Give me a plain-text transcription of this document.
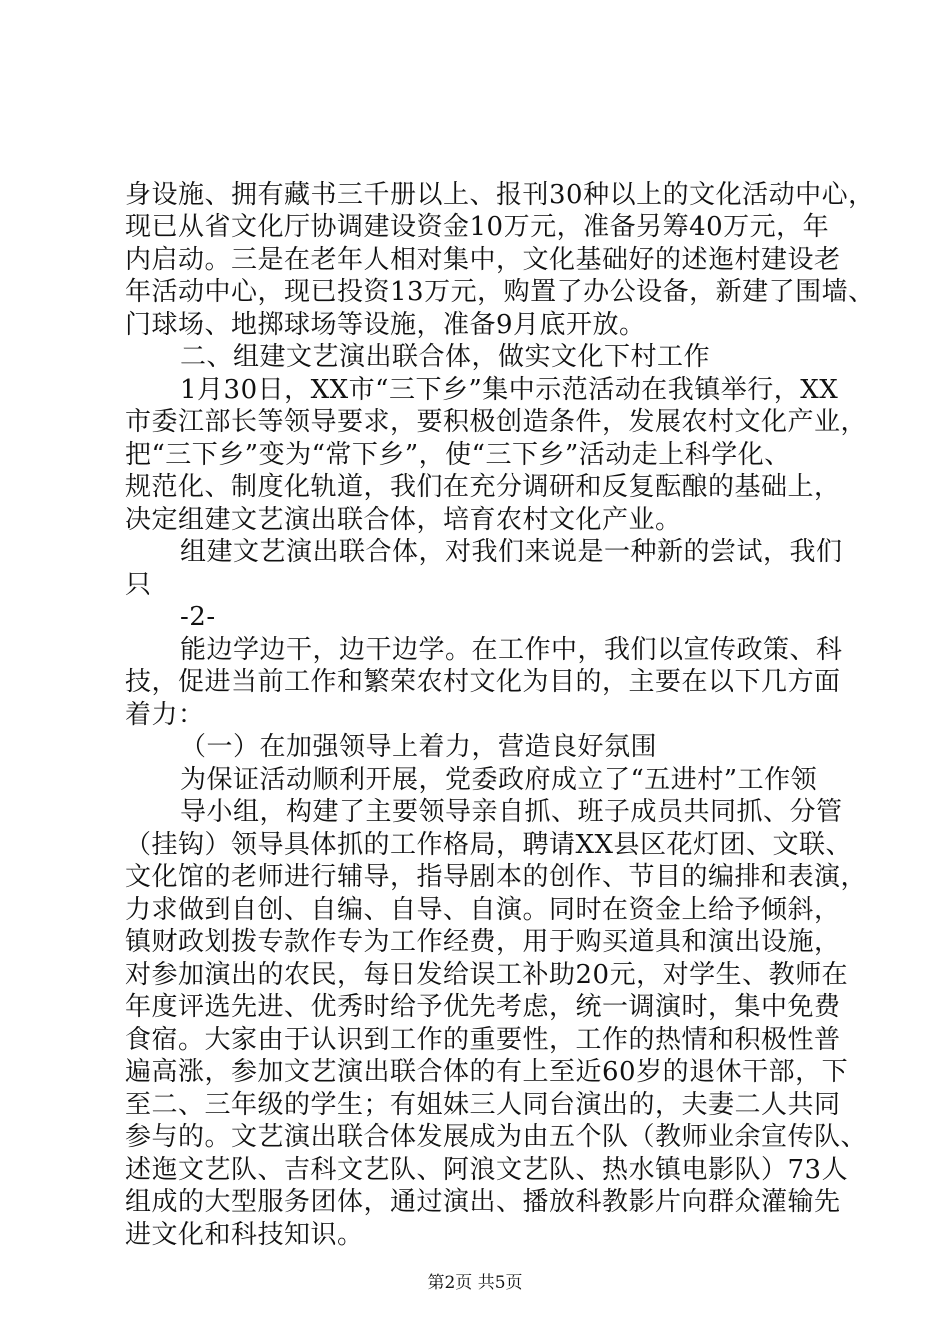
身设施、拥有藏书三千册以上、报刊30种以上的文化活动中心，
现已从省文化厅协调建设资金10万元，准备另筹40万元，年
内启动。三是在老年人相对集中，文化基础好的述迤村建设老
年活动中心，现已投资13万元，购置了办公设备，新建了围墙、
门球场、地掷球场等设施，准备9月底开放。
二、组建文艺演出联合体，做实文化下村工作
1月30日，XX市“三下乡”集中示范活动在我镇举行，XX
市委江部长等领导要求，要积极创造条件，发展农村文化产业，
把“三下乡”变为“常下乡”，使“三下乡”活动走上科学化、
规范化、制度化轨道，我们在充分调研和反复酝酿的基础上，
决定组建文艺演出联合体，培育农村文化产业。
组建文艺演出联合体，对我们来说是一种新的尝试，我们
只
-2-
能边学边干，边干边学。在工作中，我们以宣传政策、科
技，促进当前工作和繁荣农村文化为目的，主要在以下几方面
着力：
（一）在加强领导上着力，营造良好氛围
为保证活动顺利开展，党委政府成立了“五进村”工作领
导小组，构建了主要领导亲自抓、班子成员共同抓、分管
（挂钩）领导具体抓的工作格局，聘请XX县区花灯团、文联、
文化馆的老师进行辅导，指导剧本的创作、节目的编排和表演，
力求做到自创、自编、自导、自演。同时在资金上给予倾斜，
镇财政划拨专款作专为工作经费，用于购买道具和演出设施，
对参加演出的农民，每日发给误工补助20元，对学生、教师在
年度评选先进、优秀时给予优先考虑，统一调演时，集中免费
食宿。大家由于认识到工作的重要性，工作的热情和积极性普
遍高涨，参加文艺演出联合体的有上至近60岁的退休干部，下
至二、三年级的学生；有姐妹三人同台演出的，夫妻二人共同
参与的。文艺演出联合体发展成为由五个队（教师业余宣传队、
述迤文艺队、吉科文艺队、阿浪文艺队、热水镇电影队）73人
组成的大型服务团体，通过演出、播放科教影片向群众灌输先
进文化和科技知识。
第2页 共5页
